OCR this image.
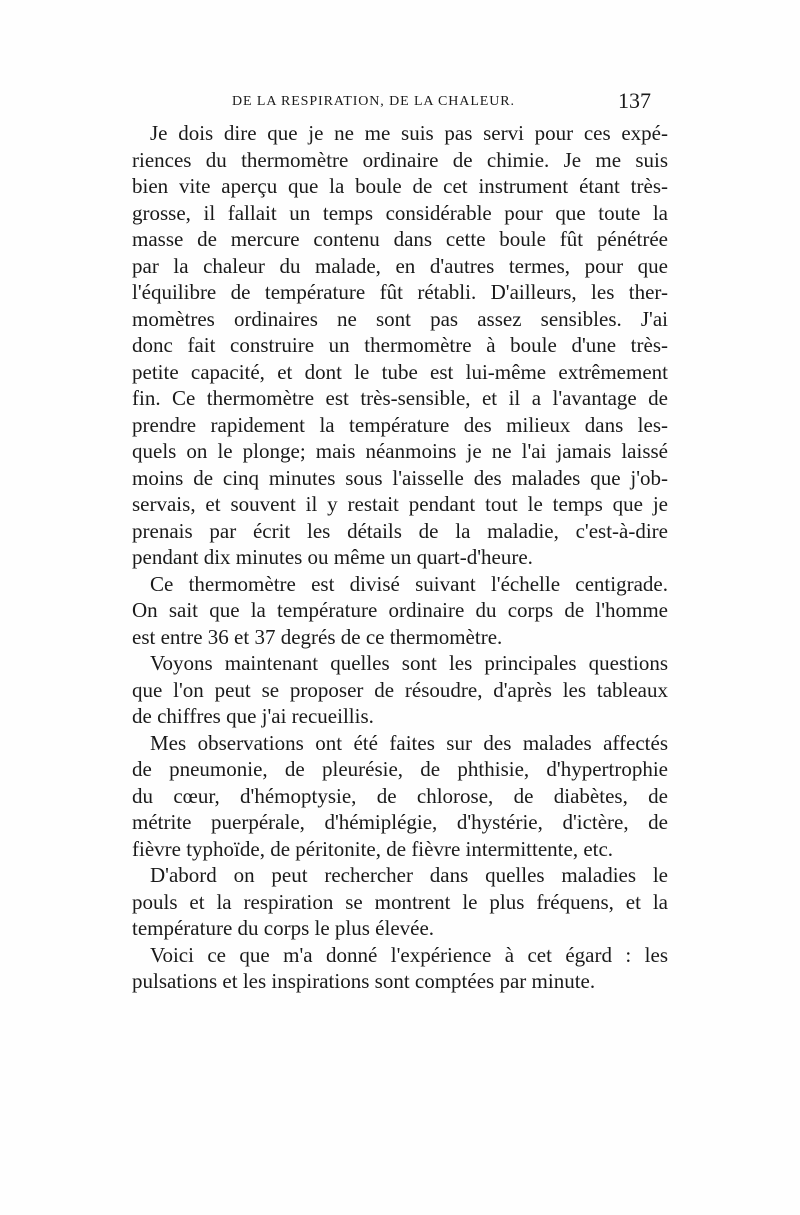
DE LA RESPIRATION, DE LA CHALEUR.	137
Je dois dire que je ne me suis pas servi pour ces expé-
riences du thermomètre ordinaire de chimie. Je me suis
bien vite aperçu que la boule de cet instrument étant très-
grosse, il fallait un temps considérable pour que toute la
masse de mercure contenu dans cette boule fût pénétrée
par la chaleur du malade, en d'autres termes, pour que
l'équilibre de température fût rétabli. D'ailleurs, les ther-
momètres ordinaires ne sont pas assez sensibles. J'ai
donc fait construire un thermomètre à boule d'une très-
petite capacité, et dont le tube est lui-même extrêmement
fin. Ce thermomètre est très-sensible, et il a l'avantage de
prendre rapidement la température des milieux dans les-
quels on le plonge; mais néanmoins je ne l'ai jamais laissé
moins de cinq minutes sous l'aisselle des malades que j'ob-
servais, et souvent il y restait pendant tout le temps que je
prenais par écrit les détails de la maladie, c'est-à-dire
pendant dix minutes ou même un quart-d'heure.
Ce thermomètre est divisé suivant l'échelle centigrade.
On sait que la température ordinaire du corps de l'homme
est entre 36 et 37 degrés de ce thermomètre.
Voyons maintenant quelles sont les principales questions
que l'on peut se proposer de résoudre, d'après les tableaux
de chiffres que j'ai recueillis.
Mes observations ont été faites sur des malades affectés
de pneumonie, de pleurésie, de phthisie, d'hypertrophie
du cœur, d'hémoptysie, de chlorose, de diabètes, de
métrite puerpérale, d'hémiplégie, d'hystérie, d'ictère, de
fièvre typhoïde, de péritonite, de fièvre intermittente, etc.
D'abord on peut rechercher dans quelles maladies le
pouls et la respiration se montrent le plus fréquens, et la
température du corps le plus élevée.
Voici ce que m'a donné l'expérience à cet égard : les
pulsations et les inspirations sont comptées par minute.
